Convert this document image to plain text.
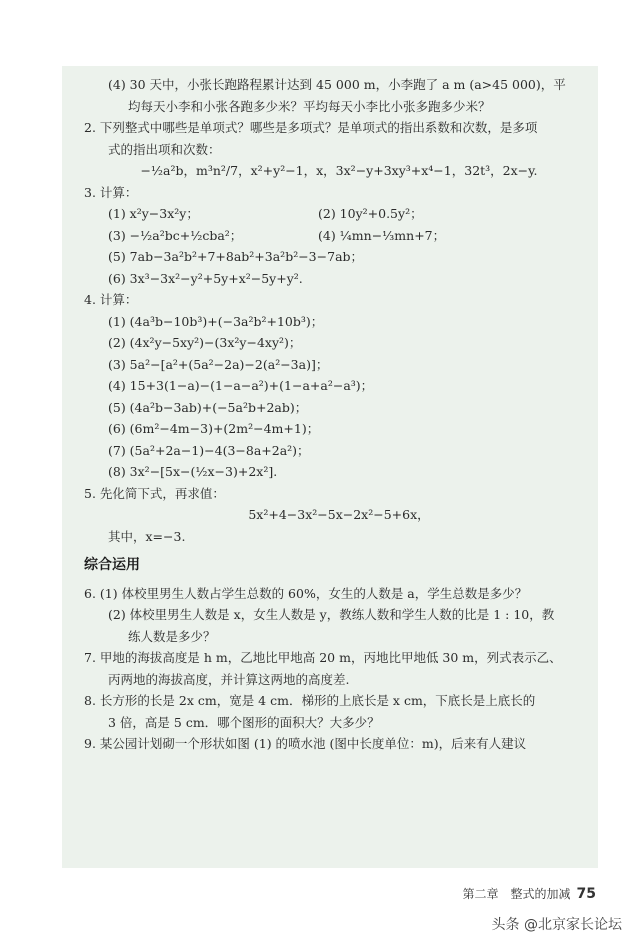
(4) 30 天中，小张长跑路程累计达到 45 000 m，小李跑了 a m (a>45 000)，平
均每天小李和小张各跑多少米？平均每天小李比小张多跑多少米？
2. 下列整式中哪些是单项式？哪些是多项式？是单项式的指出系数和次数，是多项
式的指出项和次数：
−½a²b，m³n²/7，x²+y²−1，x，3x²−y+3xy³+x⁴−1，32t³，2x−y.
3. 计算：
(1) x²y−3x²y；	(2) 10y²+0.5y²；
(3) −½a²bc+½cba²；	(4) ¼mn−⅓mn+7；
(5) 7ab−3a²b²+7+8ab²+3a²b²−3−7ab；
(6) 3x³−3x²−y²+5y+x²−5y+y².
4. 计算：
(1) (4a³b−10b³)+(−3a²b²+10b³)；
(2) (4x²y−5xy²)−(3x²y−4xy²)；
(3) 5a²−[a²+(5a²−2a)−2(a²−3a)]；
(4) 15+3(1−a)−(1−a−a²)+(1−a+a²−a³)；
(5) (4a²b−3ab)+(−5a²b+2ab)；
(6) (6m²−4m−3)+(2m²−4m+1)；
(7) (5a²+2a−1)−4(3−8a+2a²)；
(8) 3x²−[5x−(½x−3)+2x²].
5. 先化简下式，再求值：
5x²+4−3x²−5x−2x²−5+6x，
其中，x=−3.
综合运用
6. (1) 体校里男生人数占学生总数的 60%，女生的人数是 a，学生总数是多少？
(2) 体校里男生人数是 x，女生人数是 y，教练人数和学生人数的比是 1 : 10，教
练人数是多少？
7. 甲地的海拔高度是 h m，乙地比甲地高 20 m，丙地比甲地低 30 m，列式表示乙、
丙两地的海拔高度，并计算这两地的高度差.
8. 长方形的长是 2x cm，宽是 4 cm．梯形的上底长是 x cm，下底长是上底长的
3 倍，高是 5 cm．哪个图形的面积大？大多少？
9. 某公园计划砌一个形状如图 (1) 的喷水池 (图中长度单位：m)，后来有人建议
第二章　整式的加减 75
头条 @北京家长论坛
